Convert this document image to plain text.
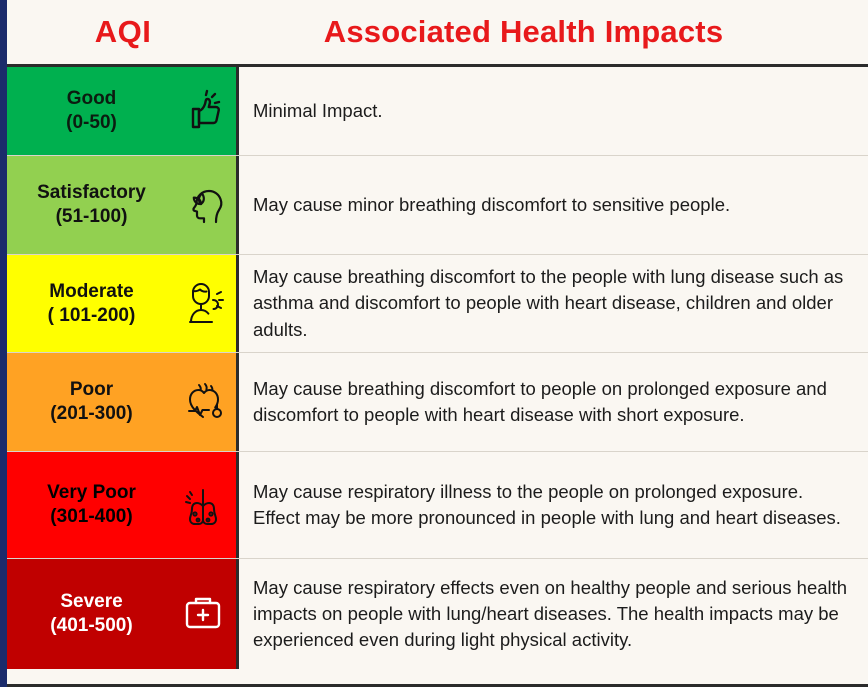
AQI	Associated Health Impacts
Good
(0-50)
Minimal Impact.
Satisfactory
(51-100)
May cause minor breathing discomfort to sensitive people.
Moderate
( 101-200)
May cause breathing discomfort to the people with lung disease such as asthma and discomfort to people with heart disease, children and older adults.
Poor
(201-300)
May cause breathing discomfort to people on prolonged exposure and discomfort to people with heart disease with short exposure.
Very Poor
(301-400)
May cause respiratory illness to the people on prolonged exposure. Effect may be more pronounced in people with lung and heart diseases.
Severe
(401-500)
May cause respiratory effects even on healthy people and serious health impacts on people with lung/heart diseases. The health impacts may be experienced even during light physical activity.
